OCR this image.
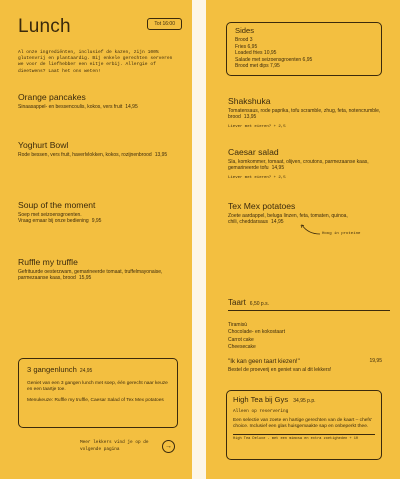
Lunch	Tot 16:00
Al onze ingrediënten, inclusief de kazen, zijn 100% glutenvrij en plantaardig. Bij enkele gerechten serveren we voor de liefhebber een eitje erbij. Allergie of dieetwens? Laat het ons weten!
Orange pancakes
Sinaasappel- en bessencoulis, kokos, vers fruit 14,95
Yoghurt Bowl
Rode bessen, vers fruit, haverlvlokken, kokos, rozijnenbrood 13,95
Soup of the moment
Soep met seizoensgroenten.
Vraag ernaar bij onze bediening 9,95
Ruffle my truffle
Gefrituurde oesterzwam, gemarineerde tomaat, truffelmayonaise, parmezaanse kaas, brood 15,95
3 gangenlunch 24,95
Geniet van een 3 gangen lunch met soep, één gerecht naar keuze en een taartje toe.
Menukeuze: Ruffle my truffle, Caesar Salad of Tex Mex potatoes
Meer lekkers vind je op de volgende pagina	→
Sides
Brood 3
Fries 6,95
Loaded fries 10,95
Salade met seizoensgroenten 6,95
Brood met dips 7,95
Shakshuka
Tomatensaus, rode paprika, tofu scramble, zhug, feta, notencrumble, brood 13,95
Liever met eieren? + 2,5
Caesar salad
Sla, komkommer, tomaat, olijven, croutons, parmezaanse kaas, gemarineerde tofu 14,95
Liever met eieren? + 2,5
Tex Mex potatoes
Zoete aardappel, beluga linzen, feta, tomaten, quinoa, chili, cheddarsaus 14,95
Hoog in proteïne
Taart 6,50 p.s.
Tiramisù
Chocolade- en kokostaart
Carrot cake
Cheesecake
"Ik kan geen taart kiezen!"	19,95
Bestel de proeverij en geniet van al dit lekkers!
High Tea bij Gys 34,95 p.p.
Alleen op reservering
Een selectie van zoete en hartige gerechten van de kaart – chefs' choice. Inclusief een glas huisgemaakte sap en onbeperkt thee.
High Tea Deluxe - met een mimosa en extra zoetigheden + 10
